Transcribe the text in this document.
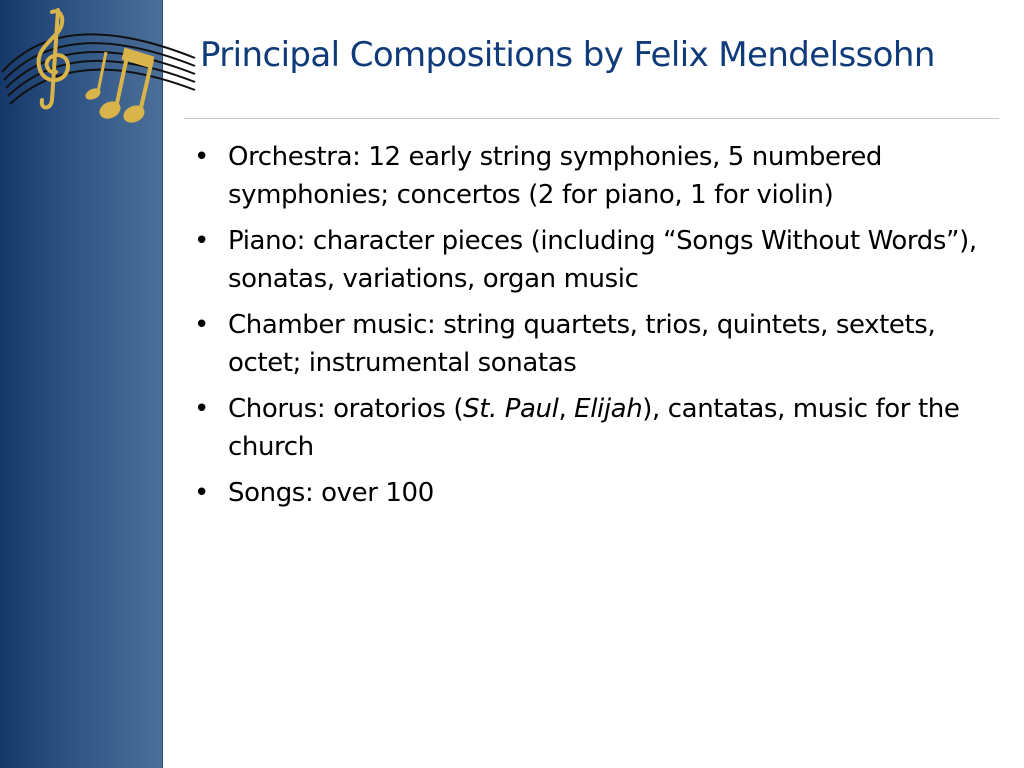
Principal Compositions by Felix Mendelssohn
• Orchestra: 12 early string symphonies, 5 numbered symphonies; concertos (2 for piano, 1 for violin)
• Piano: character pieces (including “Songs Without Words”), sonatas, variations, organ music
• Chamber music: string quartets, trios, quintets, sextets, octet; instrumental sonatas
• Chorus: oratorios (St. Paul, Elijah), cantatas, music for the church
• Songs: over 100
